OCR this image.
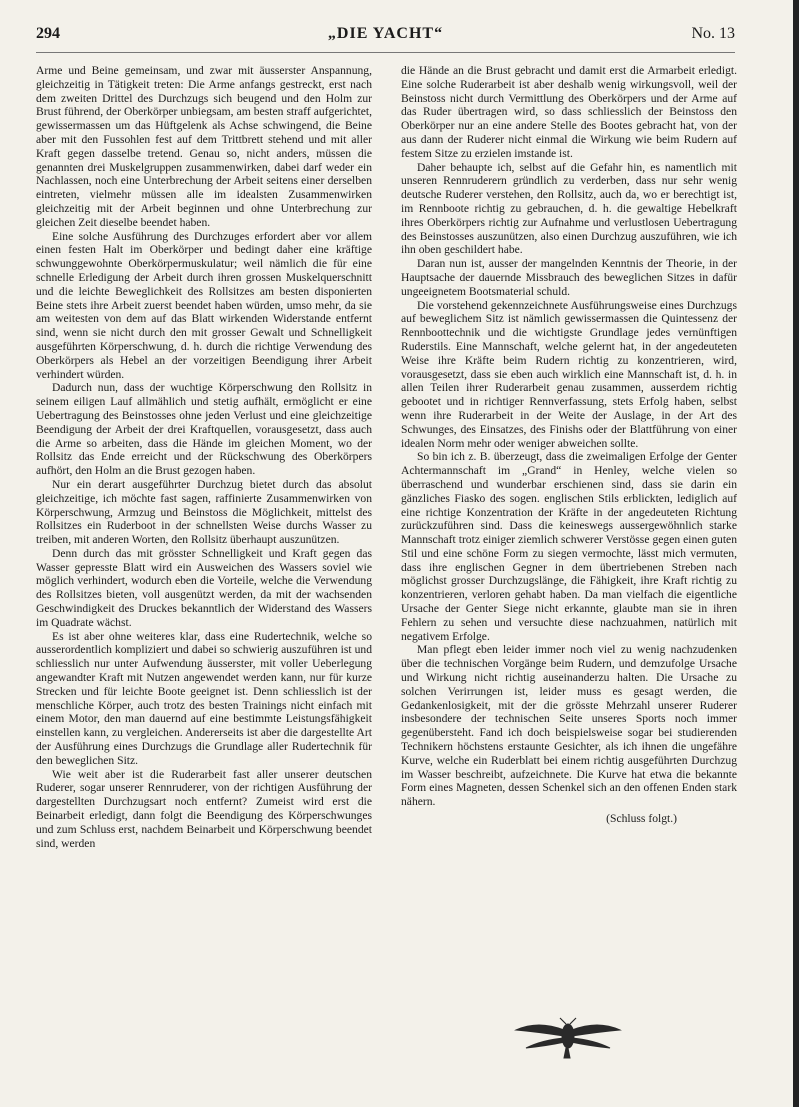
294	„DIE YACHT“	No. 13

Arme und Beine gemeinsam, und zwar mit äusserster Anspannung, gleichzeitig in Tätigkeit treten: Die Arme anfangs gestreckt, erst nach dem zweiten Drittel des Durchzugs sich beugend und den Holm zur Brust führend, der Oberkörper unbiegsam, am besten straff aufgerichtet, gewissermassen um das Hüftgelenk als Achse schwingend, die Beine aber mit den Fussohlen fest auf dem Trittbrett stehend und mit aller Kraft gegen dasselbe tretend. Genau so, nicht anders, müssen die genannten drei Muskelgruppen zusammenwirken, dabei darf weder ein Nachlassen, noch eine Unterbrechung der Arbeit seitens einer derselben eintreten, vielmehr müssen alle im idealsten Zusammenwirken gleichzeitig mit der Arbeit beginnen und ohne Unterbrechung zur gleichen Zeit dieselbe beendet haben.

Eine solche Ausführung des Durchzuges erfordert aber vor allem einen festen Halt im Oberkörper und bedingt daher eine kräftige schwunggewohnte Oberkörpermuskulatur; weil nämlich die für eine schnelle Erledigung der Arbeit durch ihren grossen Muskelquerschnitt und die leichte Beweglichkeit des Rollsitzes am besten disponierten Beine stets ihre Arbeit zuerst beendet haben würden, umso mehr, da sie am weitesten von dem auf das Blatt wirkenden Widerstande entfernt sind, wenn sie nicht durch den mit grosser Gewalt und Schnelligkeit ausgeführten Körperschwung, d. h. durch die richtige Verwendung des Oberkörpers als Hebel an der vorzeitigen Beendigung ihrer Arbeit verhindert würden.

Dadurch nun, dass der wuchtige Körperschwung den Rollsitz in seinem eiligen Lauf allmählich und stetig aufhält, ermöglicht er eine Uebertragung des Beinstosses ohne jeden Verlust und eine gleichzeitige Beendigung der Arbeit der drei Kraftquellen, vorausgesetzt, dass auch die Arme so arbeiten, dass die Hände im gleichen Moment, wo der Rollsitz das Ende erreicht und der Rückschwung des Oberkörpers aufhört, den Holm an die Brust gezogen haben.

Nur ein derart ausgeführter Durchzug bietet durch das absolut gleichzeitige, ich möchte fast sagen, raffinierte Zusammenwirken von Körperschwung, Armzug und Beinstoss die Möglichkeit, mittelst des Rollsitzes ein Ruderboot in der schnellsten Weise durchs Wasser zu treiben, mit anderen Worten, den Rollsitz überhaupt auszunützen.

Denn durch das mit grösster Schnelligkeit und Kraft gegen das Wasser gepresste Blatt wird ein Ausweichen des Wassers soviel wie möglich verhindert, wodurch eben die Vorteile, welche die Verwendung des Rollsitzes bieten, voll ausgenützt werden, da mit der wachsenden Geschwindigkeit des Druckes bekanntlich der Widerstand des Wassers im Quadrate wächst.

Es ist aber ohne weiteres klar, dass eine Rudertechnik, welche so ausserordentlich kompliziert und dabei so schwierig auszuführen ist und schliesslich nur unter Aufwendung äusserster, mit voller Ueberlegung angewandter Kraft mit Nutzen angewendet werden kann, nur für kurze Strecken und für leichte Boote geeignet ist. Denn schliesslich ist der menschliche Körper, auch trotz des besten Trainings nicht einfach mit einem Motor, den man dauernd auf eine bestimmte Leistungsfähigkeit einstellen kann, zu vergleichen. Andererseits ist aber die dargestellte Art der Ausführung eines Durchzugs die Grundlage aller Rudertechnik für den beweglichen Sitz.

Wie weit aber ist die Ruderarbeit fast aller unserer deutschen Ruderer, sogar unserer Rennruderer, von der richtigen Ausführung der dargestellten Durchzugsart noch entfernt? Zumeist wird erst die Beinarbeit erledigt, dann folgt die Beendigung des Körperschwunges und zum Schluss erst, nachdem Beinarbeit und Körperschwung beendet sind, werden

die Hände an die Brust gebracht und damit erst die Armarbeit erledigt. Eine solche Ruderarbeit ist aber deshalb wenig wirkungsvoll, weil der Beinstoss nicht durch Vermittlung des Oberkörpers und der Arme auf das Ruder übertragen wird, so dass schliesslich der Beinstoss den Oberkörper nur an eine andere Stelle des Bootes gebracht hat, von der aus dann der Ruderer nicht einmal die Wirkung wie beim Rudern auf festem Sitze zu erzielen imstande ist.

Daher behaupte ich, selbst auf die Gefahr hin, es namentlich mit unseren Rennruderern gründlich zu verderben, dass nur sehr wenig deutsche Ruderer verstehen, den Rollsitz, auch da, wo er berechtigt ist, im Rennboote richtig zu gebrauchen, d. h. die gewaltige Hebelkraft ihres Oberkörpers richtig zur Aufnahme und verlustlosen Uebertragung des Beinstosses auszunützen, also einen Durchzug auszuführen, wie ich ihn oben geschildert habe.

Daran nun ist, ausser der mangelnden Kenntnis der Theorie, in der Hauptsache der dauernde Missbrauch des beweglichen Sitzes in dafür ungeeignetem Bootsmaterial schuld.

Die vorstehend gekennzeichnete Ausführungsweise eines Durchzugs auf beweglichem Sitz ist nämlich gewissermassen die Quintessenz der Rennboottechnik und die wichtigste Grundlage jedes vernünftigen Ruderstils. Eine Mannschaft, welche gelernt hat, in der angedeuteten Weise ihre Kräfte beim Rudern richtig zu konzentrieren, wird, vorausgesetzt, dass sie eben auch wirklich eine Mannschaft ist, d. h. in allen Teilen ihrer Ruderarbeit genau zusammen, ausserdem richtig gebootet und in richtiger Rennverfassung, stets Erfolg haben, selbst wenn ihre Ruderarbeit in der Weite der Auslage, in der Art des Schwunges, des Einsatzes, des Finishs oder der Blattführung von einer idealen Norm mehr oder weniger abweichen sollte.

So bin ich z. B. überzeugt, dass die zweimaligen Erfolge der Genter Achtermannschaft im „Grand“ in Henley, welche vielen so überraschend und wunderbar erschienen sind, dass sie darin ein gänzliches Fiasko des sogen. englischen Stils erblickten, lediglich auf eine richtige Konzentration der Kräfte in der angedeuteten Richtung zurückzuführen sind. Dass die keineswegs aussergewöhnlich starke Mannschaft trotz einiger ziemlich schwerer Verstösse gegen einen guten Stil und eine schöne Form zu siegen vermochte, lässt mich vermuten, dass ihre englischen Gegner in dem übertriebenen Streben nach möglichst grosser Durchzugslänge, die Fähigkeit, ihre Kraft richtig zu konzentrieren, verloren gehabt haben. Da man vielfach die eigentliche Ursache der Genter Siege nicht erkannte, glaubte man sie in ihren Fehlern zu sehen und versuchte diese nachzuahmen, natürlich mit negativem Erfolge.

Man pflegt eben leider immer noch viel zu wenig nachzudenken über die technischen Vorgänge beim Rudern, und demzufolge Ursache und Wirkung nicht richtig auseinanderzu halten. Die Ursache zu solchen Verirrungen ist, leider muss es gesagt werden, die Gedankenlosigkeit, mit der die grösste Mehrzahl unserer Ruderer insbesondere der technischen Seite unseres Sports noch immer gegenübersteht. Fand ich doch beispielsweise sogar bei studierenden Technikern höchstens erstaunte Gesichter, als ich ihnen die ungefähre Kurve, welche ein Ruderblatt bei einem richtig ausgeführten Durchzug im Wasser beschreibt, aufzeichnete. Die Kurve hat etwa die bekannte Form eines Magneten, dessen Schenkel sich an den offenen Enden stark nähern.

(Schluss folgt.)
